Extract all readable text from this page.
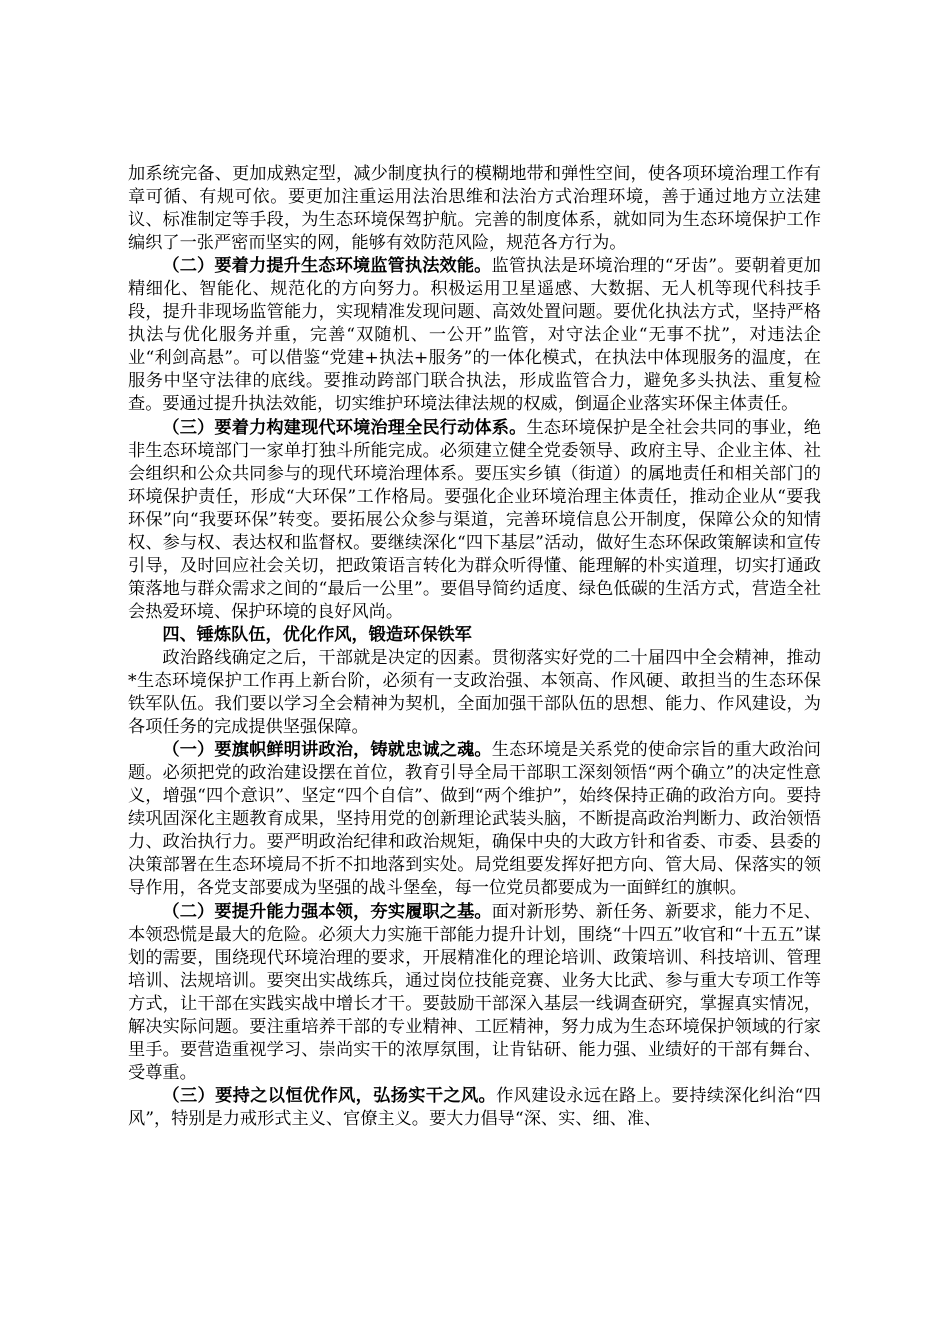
加系统完备、更加成熟定型，减少制度执行的模糊地带和弹性空间，使各项环境治理工作有章可循、有规可依。要更加注重运用法治思维和法治方式治理环境，善于通过地方立法建议、标准制定等手段，为生态环境保驾护航。完善的制度体系，就如同为生态环境保护工作编织了一张严密而坚实的网，能够有效防范风险，规范各方行为。

（二）要着力提升生态环境监管执法效能。监管执法是环境治理的“牙齿”。要朝着更加精细化、智能化、规范化的方向努力。积极运用卫星遥感、大数据、无人机等现代科技手段，提升非现场监管能力，实现精准发现问题、高效处置问题。要优化执法方式，坚持严格执法与优化服务并重，完善“双随机、一公开”监管，对守法企业“无事不扰”，对违法企业“利剑高悬”。可以借鉴“党建+执法+服务”的一体化模式，在执法中体现服务的温度，在服务中坚守法律的底线。要推动跨部门联合执法，形成监管合力，避免多头执法、重复检查。要通过提升执法效能，切实维护环境法律法规的权威，倒逼企业落实环保主体责任。

（三）要着力构建现代环境治理全民行动体系。生态环境保护是全社会共同的事业，绝非生态环境部门一家单打独斗所能完成。必须建立健全党委领导、政府主导、企业主体、社会组织和公众共同参与的现代环境治理体系。要压实乡镇（街道）的属地责任和相关部门的环境保护责任，形成“大环保”工作格局。要强化企业环境治理主体责任，推动企业从“要我环保”向“我要环保”转变。要拓展公众参与渠道，完善环境信息公开制度，保障公众的知情权、参与权、表达权和监督权。要继续深化“四下基层”活动，做好生态环保政策解读和宣传引导，及时回应社会关切，把政策语言转化为群众听得懂、能理解的朴实道理，切实打通政策落地与群众需求之间的“最后一公里”。要倡导简约适度、绿色低碳的生活方式，营造全社会热爱环境、保护环境的良好风尚。

四、锤炼队伍，优化作风，锻造环保铁军

政治路线确定之后，干部就是决定的因素。贯彻落实好党的二十届四中全会精神，推动*生态环境保护工作再上新台阶，必须有一支政治强、本领高、作风硬、敢担当的生态环保铁军队伍。我们要以学习全会精神为契机，全面加强干部队伍的思想、能力、作风建设，为各项任务的完成提供坚强保障。

（一）要旗帜鲜明讲政治，铸就忠诚之魂。生态环境是关系党的使命宗旨的重大政治问题。必须把党的政治建设摆在首位，教育引导全局干部职工深刻领悟“两个确立”的决定性意义，增强“四个意识”、坚定“四个自信”、做到“两个维护”，始终保持正确的政治方向。要持续巩固深化主题教育成果，坚持用党的创新理论武装头脑，不断提高政治判断力、政治领悟力、政治执行力。要严明政治纪律和政治规矩，确保中央的大政方针和省委、市委、县委的决策部署在生态环境局不折不扣地落到实处。局党组要发挥好把方向、管大局、保落实的领导作用，各党支部要成为坚强的战斗堡垒，每一位党员都要成为一面鲜红的旗帜。

（二）要提升能力强本领，夯实履职之基。面对新形势、新任务、新要求，能力不足、本领恐慌是最大的危险。必须大力实施干部能力提升计划，围绕“十四五”收官和“十五五”谋划的需要，围绕现代环境治理的要求，开展精准化的理论培训、政策培训、科技培训、管理培训、法规培训。要突出实战练兵，通过岗位技能竞赛、业务大比武、参与重大专项工作等方式，让干部在实践实战中增长才干。要鼓励干部深入基层一线调查研究，掌握真实情况，解决实际问题。要注重培养干部的专业精神、工匠精神，努力成为生态环境保护领域的行家里手。要营造重视学习、崇尚实干的浓厚氛围，让肯钻研、能力强、业绩好的干部有舞台、受尊重。

（三）要持之以恒优作风，弘扬实干之风。作风建设永远在路上。要持续深化纠治“四风”，特别是力戒形式主义、官僚主义。要大力倡导“深、实、细、准、
